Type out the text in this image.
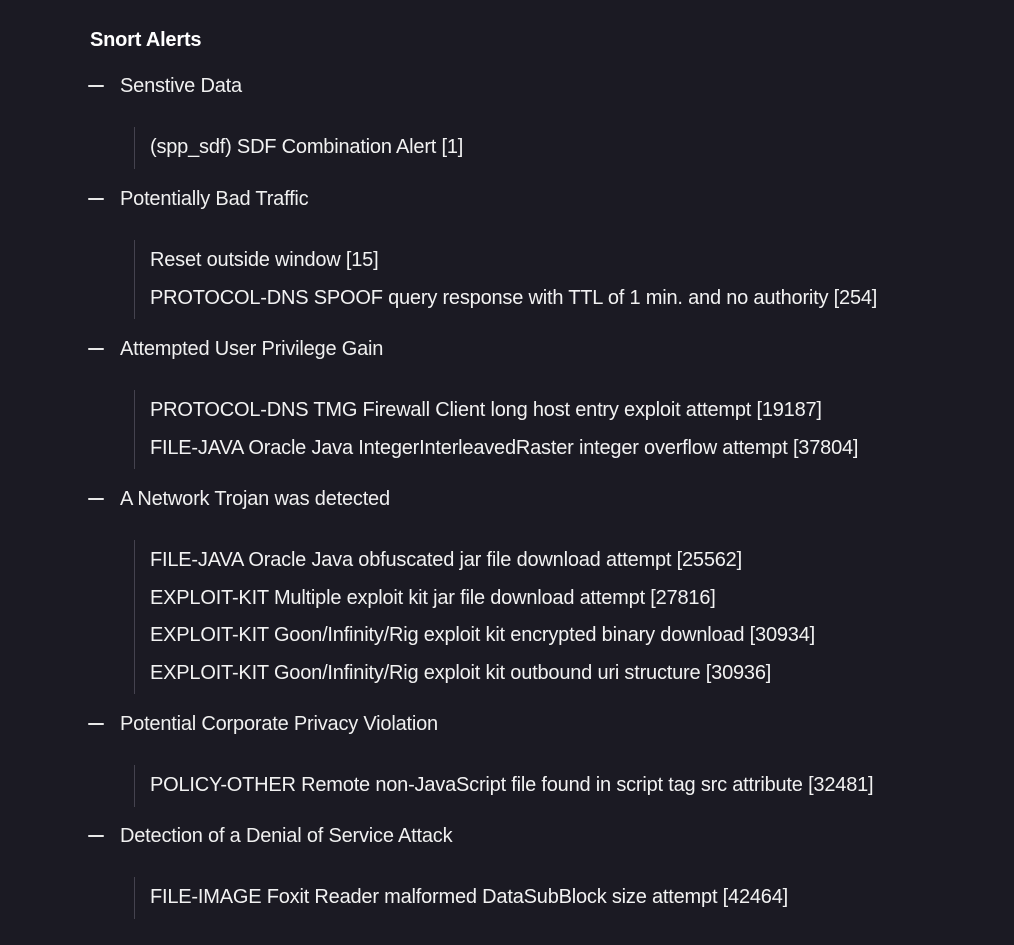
Snort Alerts
Senstive Data
(spp_sdf) SDF Combination Alert [1]
Potentially Bad Traffic
Reset outside window [15]
PROTOCOL-DNS SPOOF query response with TTL of 1 min. and no authority [254]
Attempted User Privilege Gain
PROTOCOL-DNS TMG Firewall Client long host entry exploit attempt [19187]
FILE-JAVA Oracle Java IntegerInterleavedRaster integer overflow attempt [37804]
A Network Trojan was detected
FILE-JAVA Oracle Java obfuscated jar file download attempt [25562]
EXPLOIT-KIT Multiple exploit kit jar file download attempt [27816]
EXPLOIT-KIT Goon/Infinity/Rig exploit kit encrypted binary download [30934]
EXPLOIT-KIT Goon/Infinity/Rig exploit kit outbound uri structure [30936]
Potential Corporate Privacy Violation
POLICY-OTHER Remote non-JavaScript file found in script tag src attribute [32481]
Detection of a Denial of Service Attack
FILE-IMAGE Foxit Reader malformed DataSubBlock size attempt [42464]
